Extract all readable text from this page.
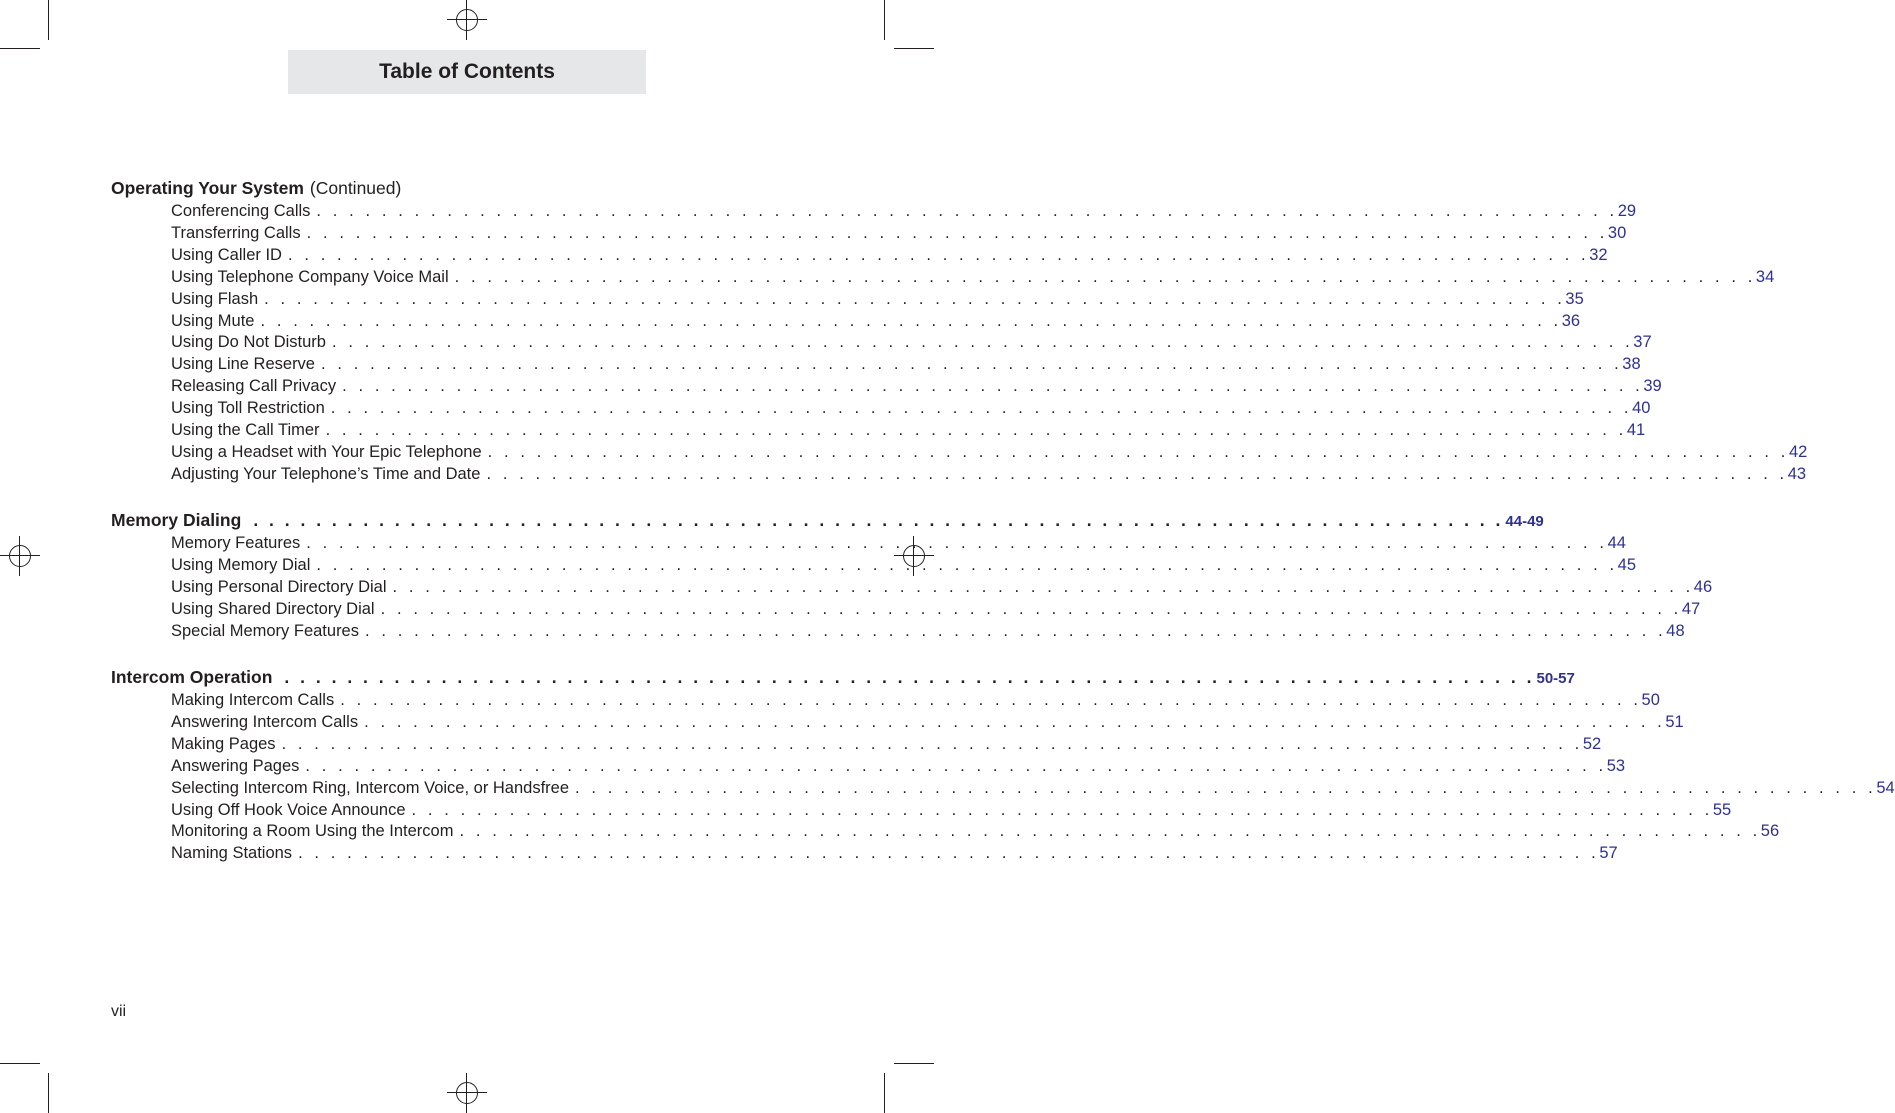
Table of Contents
Operating Your System (Continued)
Conferencing Calls . . . . . . . . . . . . . . . . . . . . . . . . . . . . . . . . . . . . . . . . . . . . . . . . . . . . . . . . . . . . . . . . . . . . . . . . . . . . . . . . 29
Transferring Calls . . . . . . . . . . . . . . . . . . . . . . . . . . . . . . . . . . . . . . . . . . . . . . . . . . . . . . . . . . . . . . . . . . . . . . . . . . . . . . . . 30
Using Caller ID . . . . . . . . . . . . . . . . . . . . . . . . . . . . . . . . . . . . . . . . . . . . . . . . . . . . . . . . . . . . . . . . . . . . . . . . . . . . . . . . 32
Using Telephone Company Voice Mail . . . . . . . . . . . . . . . . . . . . . . . . . . . . . . . . . . . . . . . . . . . . . . . . . . . . . . . . . . . . . . . . . . . . . . . . . . . . . . . . 34
Using Flash . . . . . . . . . . . . . . . . . . . . . . . . . . . . . . . . . . . . . . . . . . . . . . . . . . . . . . . . . . . . . . . . . . . . . . . . . . . . . . . . 35
Using Mute . . . . . . . . . . . . . . . . . . . . . . . . . . . . . . . . . . . . . . . . . . . . . . . . . . . . . . . . . . . . . . . . . . . . . . . . . . . . . . . . 36
Using Do Not Disturb . . . . . . . . . . . . . . . . . . . . . . . . . . . . . . . . . . . . . . . . . . . . . . . . . . . . . . . . . . . . . . . . . . . . . . . . . . . . . . . . 37
Using Line Reserve . . . . . . . . . . . . . . . . . . . . . . . . . . . . . . . . . . . . . . . . . . . . . . . . . . . . . . . . . . . . . . . . . . . . . . . . . . . . . . . . 38
Releasing Call Privacy . . . . . . . . . . . . . . . . . . . . . . . . . . . . . . . . . . . . . . . . . . . . . . . . . . . . . . . . . . . . . . . . . . . . . . . . . . . . . . . . 39
Using Toll Restriction . . . . . . . . . . . . . . . . . . . . . . . . . . . . . . . . . . . . . . . . . . . . . . . . . . . . . . . . . . . . . . . . . . . . . . . . . . . . . . . . 40
Using the Call Timer . . . . . . . . . . . . . . . . . . . . . . . . . . . . . . . . . . . . . . . . . . . . . . . . . . . . . . . . . . . . . . . . . . . . . . . . . . . . . . . . 41
Using a Headset with Your Epic Telephone . . . . . . . . . . . . . . . . . . . . . . . . . . . . . . . . . . . . . . . . . . . . . . . . . . . . . . . . . . . . . . . . . . . . . . . . . . . . . . . . 42
Adjusting Your Telephone’s Time and Date . . . . . . . . . . . . . . . . . . . . . . . . . . . . . . . . . . . . . . . . . . . . . . . . . . . . . . . . . . . . . . . . . . . . . . . . . . . . . . . . 43
Memory Dialing . . . . . . . . . . . . . . . . . . . . . . . . . . . . . . . . . . . . . . . . . . . . . . . . . . . . . . . . . . . . . . . . . . . . . . . . . . . . . . . . 44-49
Memory Features . . . . . . . . . . . . . . . . . . . . . . . . . . . . . . . . . . . . . . . . . . . . . . . . . . . . . . . . . . . . . . . . . . . . . . . . . . . . . . . . 44
Using Memory Dial . . . . . . . . . . . . . . . . . . . . . . . . . . . . . . . . . . . . . . . . . . . . . . . . . . . . . . . . . . . . . . . . . . . . . . . . . . . . . . . . 45
Using Personal Directory Dial . . . . . . . . . . . . . . . . . . . . . . . . . . . . . . . . . . . . . . . . . . . . . . . . . . . . . . . . . . . . . . . . . . . . . . . . . . . . . . . . 46
Using Shared Directory Dial . . . . . . . . . . . . . . . . . . . . . . . . . . . . . . . . . . . . . . . . . . . . . . . . . . . . . . . . . . . . . . . . . . . . . . . . . . . . . . . . 47
Special Memory Features . . . . . . . . . . . . . . . . . . . . . . . . . . . . . . . . . . . . . . . . . . . . . . . . . . . . . . . . . . . . . . . . . . . . . . . . . . . . . . . . 48
Intercom Operation . . . . . . . . . . . . . . . . . . . . . . . . . . . . . . . . . . . . . . . . . . . . . . . . . . . . . . . . . . . . . . . . . . . . . . . . . . . . . . . . 50-57
Making Intercom Calls . . . . . . . . . . . . . . . . . . . . . . . . . . . . . . . . . . . . . . . . . . . . . . . . . . . . . . . . . . . . . . . . . . . . . . . . . . . . . . . . 50
Answering Intercom Calls . . . . . . . . . . . . . . . . . . . . . . . . . . . . . . . . . . . . . . . . . . . . . . . . . . . . . . . . . . . . . . . . . . . . . . . . . . . . . . . . 51
Making Pages . . . . . . . . . . . . . . . . . . . . . . . . . . . . . . . . . . . . . . . . . . . . . . . . . . . . . . . . . . . . . . . . . . . . . . . . . . . . . . . . 52
Answering Pages . . . . . . . . . . . . . . . . . . . . . . . . . . . . . . . . . . . . . . . . . . . . . . . . . . . . . . . . . . . . . . . . . . . . . . . . . . . . . . . . 53
Selecting Intercom Ring, Intercom Voice, or Handsfree . . . . . . . . . . . . . . . . . . . . . . . . . . . . . . . . . . . . . . . . . . . . . . . . . . . . . . . . . . . . . . . . . . . . . . . . . . . . . . . . 54
Using Off Hook Voice Announce . . . . . . . . . . . . . . . . . . . . . . . . . . . . . . . . . . . . . . . . . . . . . . . . . . . . . . . . . . . . . . . . . . . . . . . . . . . . . . . . 55
Monitoring a Room Using the Intercom . . . . . . . . . . . . . . . . . . . . . . . . . . . . . . . . . . . . . . . . . . . . . . . . . . . . . . . . . . . . . . . . . . . . . . . . . . . . . . . . 56
Naming Stations . . . . . . . . . . . . . . . . . . . . . . . . . . . . . . . . . . . . . . . . . . . . . . . . . . . . . . . . . . . . . . . . . . . . . . . . . . . . . . . . 57
vii
